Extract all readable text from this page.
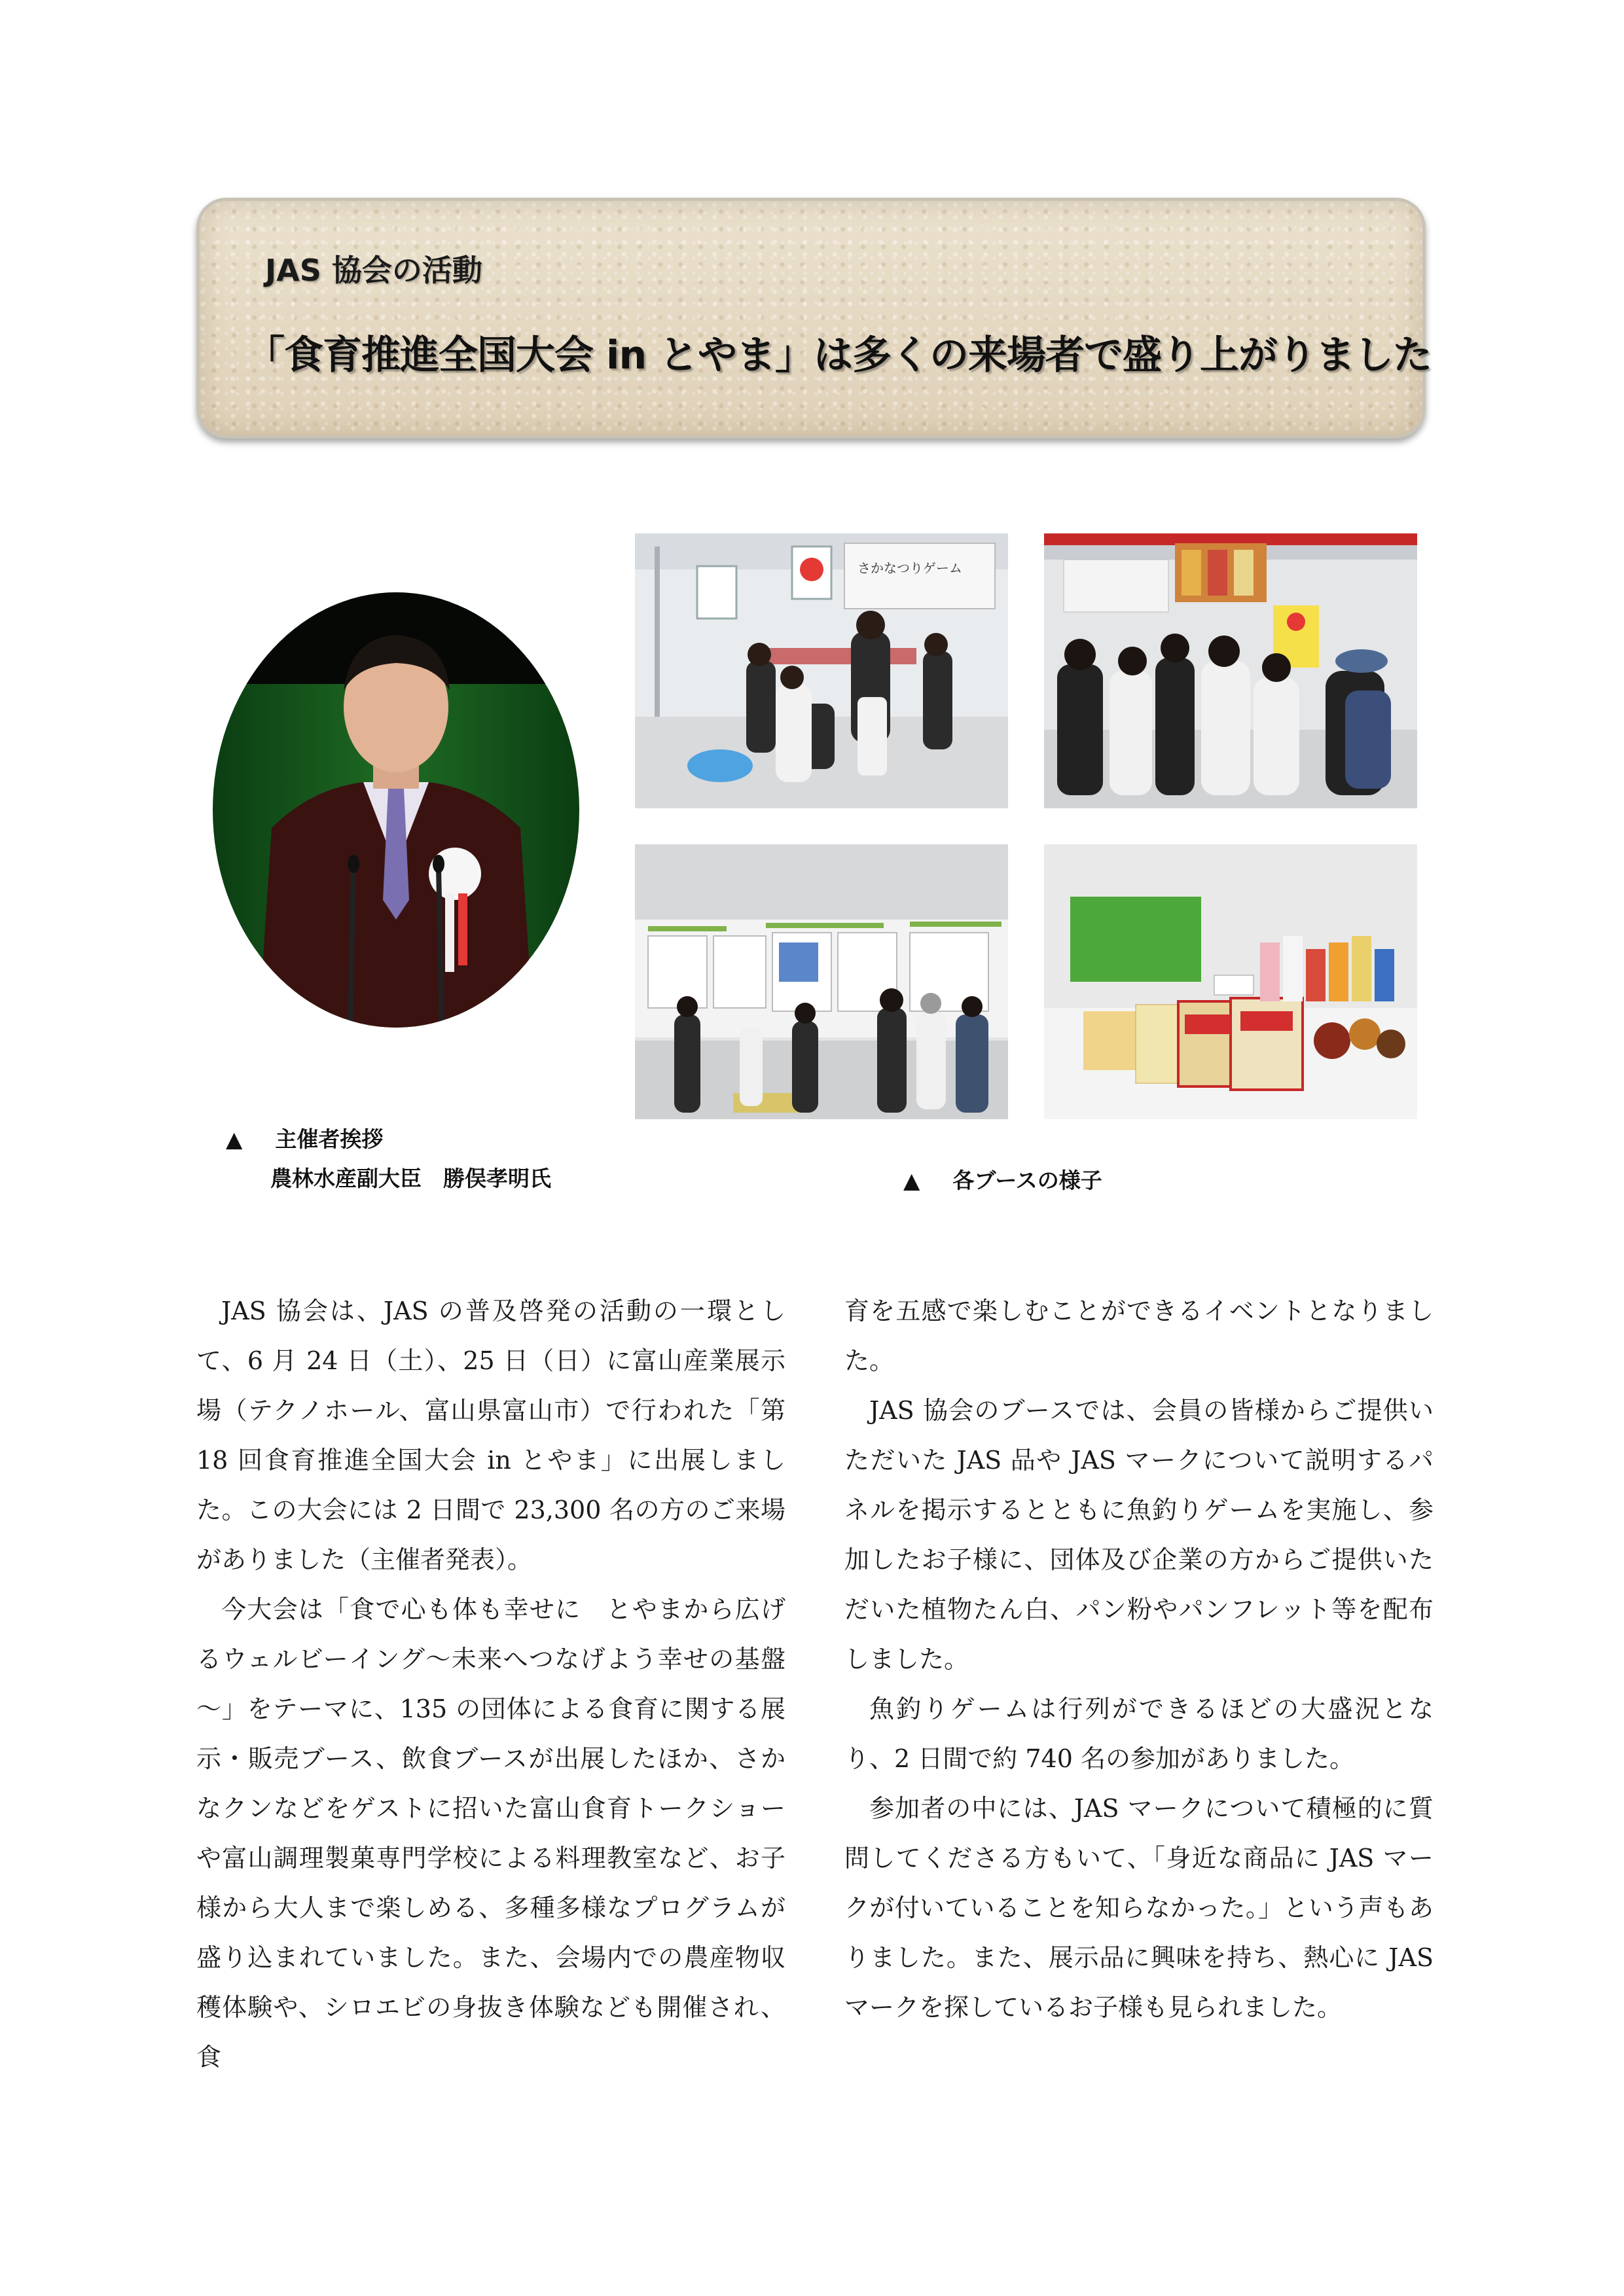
JAS 協会の活動
「食育推進全国大会 in とやま」は多くの来場者で盛り上がりました
さかなつりゲーム
▲ 主催者挨拶
農林水産副大臣　勝俣孝明氏	▲ 各ブースの様子

JAS 協会は、JAS の普及啓発の活動の一環として、6 月 24 日（土）、25 日（日）に富山産業展示場（テクノホール、富山県富山市）で行われた「第 18 回食育推進全国大会 in とやま」に出展しました。この大会には 2 日間で 23,300 名の方のご来場がありました（主催者発表）。

今大会は「食で心も体も幸せに　とやまから広げるウェルビーイング～未来へつなげよう幸せの基盤～」をテーマに、135 の団体による食育に関する展示・販売ブース、飲食ブースが出展したほか、さかなクンなどをゲストに招いた富山食育トークショーや富山調理製菓専門学校による料理教室など、お子様から大人まで楽しめる、多種多様なプログラムが盛り込まれていました。また、会場内での農産物収穫体験や、シロエビの身抜き体験なども開催され、食

育を五感で楽しむことができるイベントとなりました。

JAS 協会のブースでは、会員の皆様からご提供いただいた JAS 品や JAS マークについて説明するパネルを掲示するとともに魚釣りゲームを実施し、参加したお子様に、団体及び企業の方からご提供いただいた植物たん白、パン粉やパンフレット等を配布しました。

魚釣りゲームは行列ができるほどの大盛況となり、2 日間で約 740 名の参加がありました。

参加者の中には、JAS マークについて積極的に質問してくださる方もいて、「身近な商品に JAS マークが付いていることを知らなかった。」という声もありました。また、展示品に興味を持ち、熱心に JAS マークを探しているお子様も見られました。
